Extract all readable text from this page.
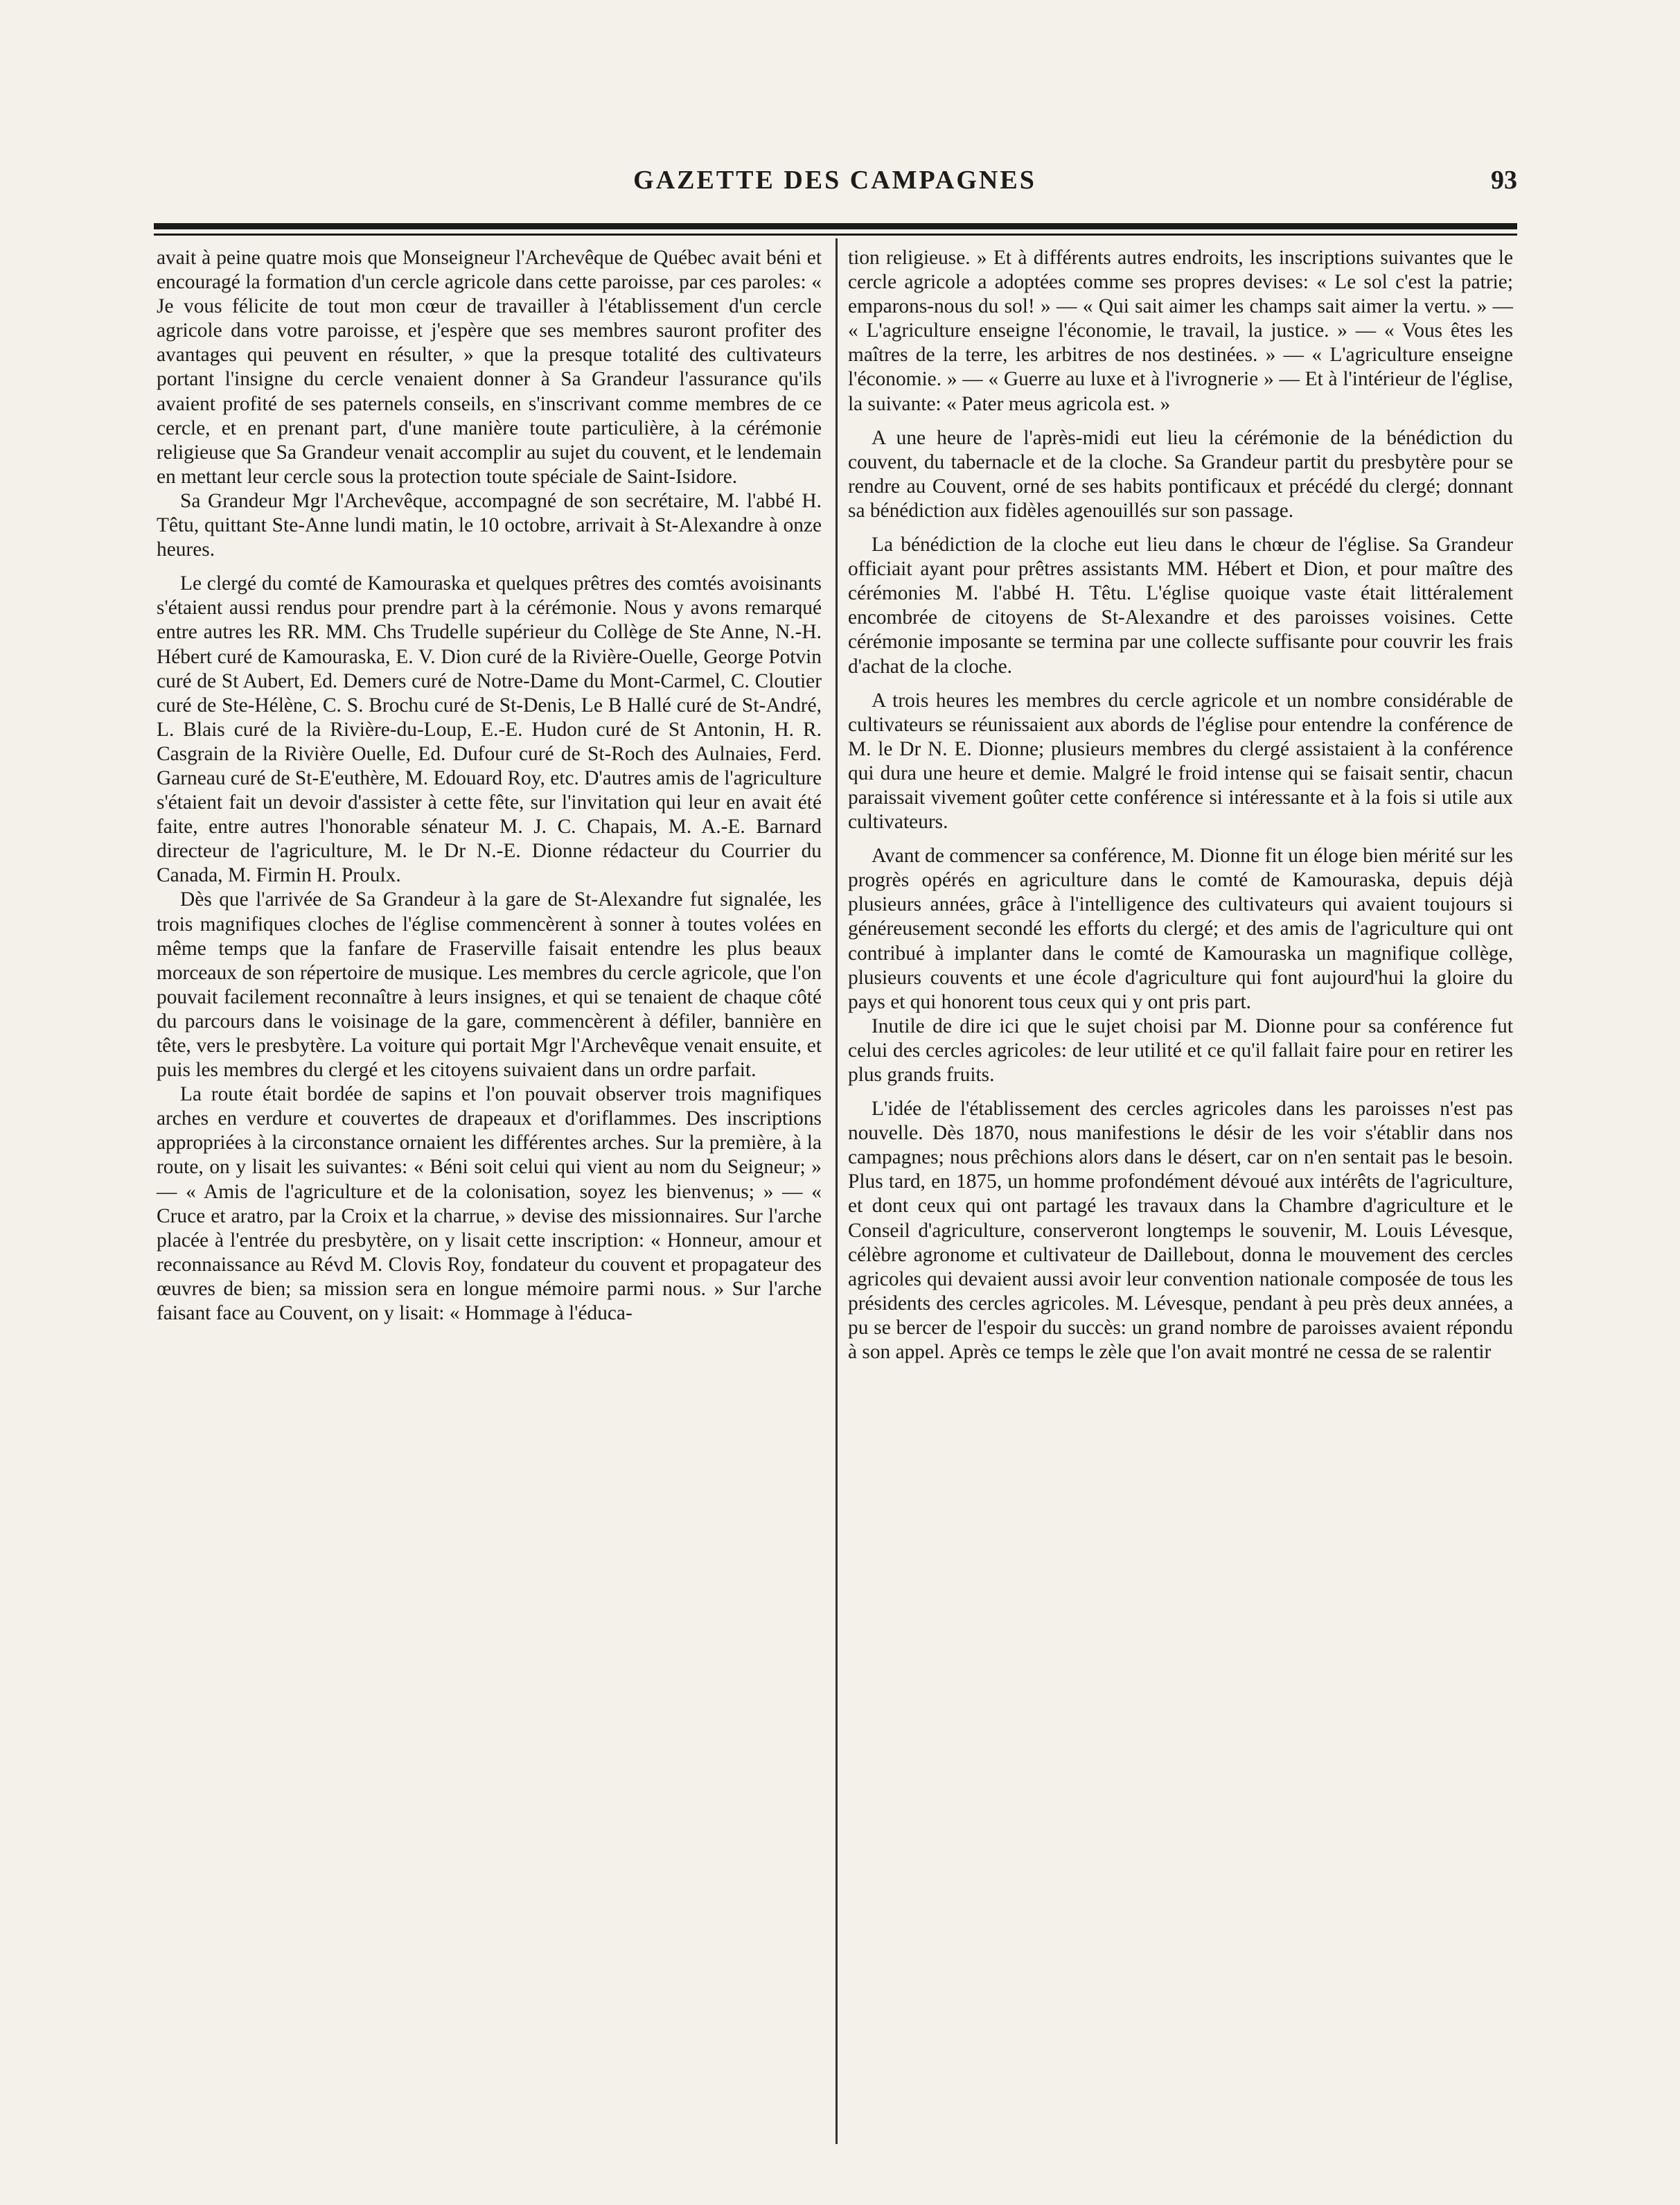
GAZETTE DES CAMPAGNES	93

avait à peine quatre mois que Monseigneur l'Archevêque de Québec avait béni et encouragé la formation d'un cercle agricole dans cette paroisse, par ces paroles: « Je vous félicite de tout mon cœur de travailler à l'établissement d'un cercle agricole dans votre paroisse, et j'espère que ses membres sauront profiter des avantages qui peuvent en résulter, » que la presque totalité des cultivateurs portant l'insigne du cercle venaient donner à Sa Grandeur l'assurance qu'ils avaient profité de ses paternels conseils, en s'inscrivant comme membres de ce cercle, et en prenant part, d'une manière toute particulière, à la cérémonie religieuse que Sa Grandeur venait accomplir au sujet du couvent, et le lendemain en mettant leur cercle sous la protection toute spéciale de Saint-Isidore.

Sa Grandeur Mgr l'Archevêque, accompagné de son secrétaire, M. l'abbé H. Têtu, quittant Ste-Anne lundi matin, le 10 octobre, arrivait à St-Alexandre à onze heures.

Le clergé du comté de Kamouraska et quelques prêtres des comtés avoisinants s'étaient aussi rendus pour prendre part à la cérémonie. Nous y avons remarqué entre autres les RR. MM. Chs Trudelle supérieur du Collège de Ste Anne, N.-H. Hébert curé de Kamouraska, E. V. Dion curé de la Rivière-Ouelle, George Potvin curé de St Aubert, Ed. Demers curé de Notre-Dame du Mont-Carmel, C. Cloutier curé de Ste-Hélène, C. S. Brochu curé de St-Denis, Le B Hallé curé de St-André, L. Blais curé de la Rivière-du-Loup, E.-E. Hudon curé de St Antonin, H. R. Casgrain de la Rivière Ouelle, Ed. Dufour curé de St-Roch des Aulnaies, Ferd. Garneau curé de St-E'euthère, M. Edouard Roy, etc. D'autres amis de l'agriculture s'étaient fait un devoir d'assister à cette fête, sur l'invitation qui leur en avait été faite, entre autres l'honorable sénateur M. J. C. Chapais, M. A.-E. Barnard directeur de l'agriculture, M. le Dr N.-E. Dionne rédacteur du Courrier du Canada, M. Firmin H. Proulx.

Dès que l'arrivée de Sa Grandeur à la gare de St-Alexandre fut signalée, les trois magnifiques cloches de l'église commencèrent à sonner à toutes volées en même temps que la fanfare de Fraserville faisait entendre les plus beaux morceaux de son répertoire de musique. Les membres du cercle agricole, que l'on pouvait facilement reconnaître à leurs insignes, et qui se tenaient de chaque côté du parcours dans le voisinage de la gare, commencèrent à défiler, bannière en tête, vers le presbytère. La voiture qui portait Mgr l'Archevêque venait ensuite, et puis les membres du clergé et les citoyens suivaient dans un ordre parfait.

La route était bordée de sapins et l'on pouvait observer trois magnifiques arches en verdure et couvertes de drapeaux et d'oriflammes. Des inscriptions appropriées à la circonstance ornaient les différentes arches. Sur la première, à la route, on y lisait les suivantes: « Béni soit celui qui vient au nom du Seigneur; » — « Amis de l'agriculture et de la colonisation, soyez les bienvenus; » — « Cruce et aratro, par la Croix et la charrue, » devise des missionnaires. Sur l'arche placée à l'entrée du presbytère, on y lisait cette inscription: « Honneur, amour et reconnaissance au Révd M. Clovis Roy, fondateur du couvent et propagateur des œuvres de bien; sa mission sera en longue mémoire parmi nous. » Sur l'arche faisant face au Couvent, on y lisait: « Hommage à l'éduca-

tion religieuse. » Et à différents autres endroits, les inscriptions suivantes que le cercle agricole a adoptées comme ses propres devises: « Le sol c'est la patrie; emparons-nous du sol! » — « Qui sait aimer les champs sait aimer la vertu. » — « L'agriculture enseigne l'économie, le travail, la justice. » — « Vous êtes les maîtres de la terre, les arbitres de nos destinées. » — « L'agriculture enseigne l'économie. » — « Guerre au luxe et à l'ivrognerie » — Et à l'intérieur de l'église, la suivante: « Pater meus agricola est. »

A une heure de l'après-midi eut lieu la cérémonie de la bénédiction du couvent, du tabernacle et de la cloche. Sa Grandeur partit du presbytère pour se rendre au Couvent, orné de ses habits pontificaux et précédé du clergé; donnant sa bénédiction aux fidèles agenouillés sur son passage.

La bénédiction de la cloche eut lieu dans le chœur de l'église. Sa Grandeur officiait ayant pour prêtres assistants MM. Hébert et Dion, et pour maître des cérémonies M. l'abbé H. Têtu. L'église quoique vaste était littéralement encombrée de citoyens de St-Alexandre et des paroisses voisines. Cette cérémonie imposante se termina par une collecte suffisante pour couvrir les frais d'achat de la cloche.

A trois heures les membres du cercle agricole et un nombre considérable de cultivateurs se réunissaient aux abords de l'église pour entendre la conférence de M. le Dr N. E. Dionne; plusieurs membres du clergé assistaient à la conférence qui dura une heure et demie. Malgré le froid intense qui se faisait sentir, chacun paraissait vivement goûter cette conférence si intéressante et à la fois si utile aux cultivateurs.

Avant de commencer sa conférence, M. Dionne fit un éloge bien mérité sur les progrès opérés en agriculture dans le comté de Kamouraska, depuis déjà plusieurs années, grâce à l'intelligence des cultivateurs qui avaient toujours si généreusement secondé les efforts du clergé; et des amis de l'agriculture qui ont contribué à implanter dans le comté de Kamouraska un magnifique collège, plusieurs couvents et une école d'agriculture qui font aujourd'hui la gloire du pays et qui honorent tous ceux qui y ont pris part.

Inutile de dire ici que le sujet choisi par M. Dionne pour sa conférence fut celui des cercles agricoles: de leur utilité et ce qu'il fallait faire pour en retirer les plus grands fruits.

L'idée de l'établissement des cercles agricoles dans les paroisses n'est pas nouvelle. Dès 1870, nous manifestions le désir de les voir s'établir dans nos campagnes; nous prêchions alors dans le désert, car on n'en sentait pas le besoin. Plus tard, en 1875, un homme profondément dévoué aux intérêts de l'agriculture, et dont ceux qui ont partagé les travaux dans la Chambre d'agriculture et le Conseil d'agriculture, conserveront longtemps le souvenir, M. Louis Lévesque, célèbre agronome et cultivateur de Daillebout, donna le mouvement des cercles agricoles qui devaient aussi avoir leur convention nationale composée de tous les présidents des cercles agricoles. M. Lévesque, pendant à peu près deux années, a pu se bercer de l'espoir du succès: un grand nombre de paroisses avaient répondu à son appel. Après ce temps le zèle que l'on avait montré ne cessa de se ralentir
